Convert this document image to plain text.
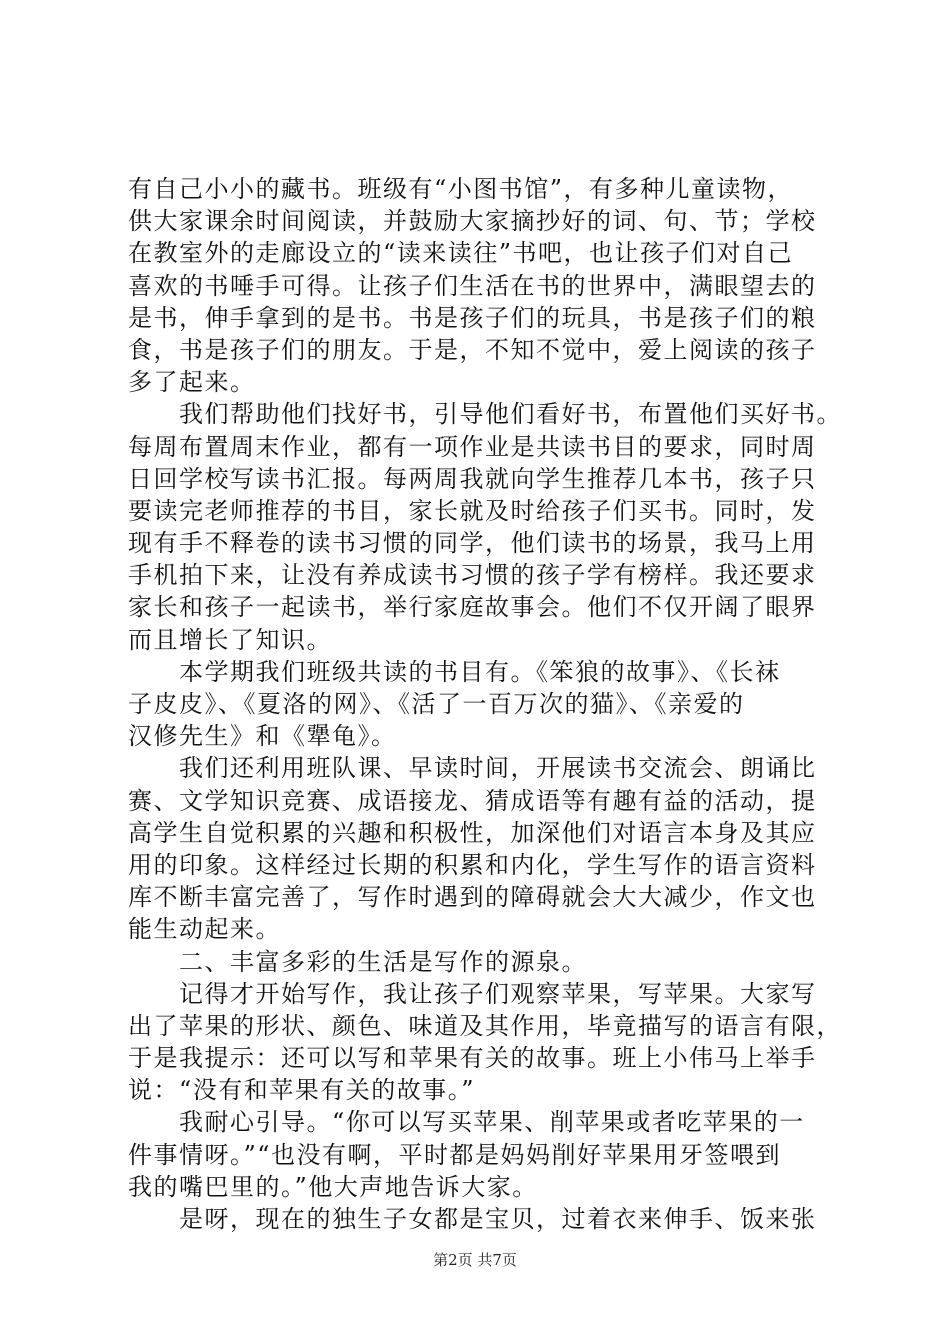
有自己小小的藏书。班级有“小图书馆”，有多种儿童读物，
供大家课余时间阅读，并鼓励大家摘抄好的词、句、节；学校
在教室外的走廊设立的“读来读往”书吧，也让孩子们对自己
喜欢的书唾手可得。让孩子们生活在书的世界中，满眼望去的
是书，伸手拿到的是书。书是孩子们的玩具，书是孩子们的粮
食，书是孩子们的朋友。于是，不知不觉中，爱上阅读的孩子
多了起来。
　　我们帮助他们找好书，引导他们看好书，布置他们买好书。
每周布置周末作业，都有一项作业是共读书目的要求，同时周
日回学校写读书汇报。每两周我就向学生推荐几本书，孩子只
要读完老师推荐的书目，家长就及时给孩子们买书。同时，发
现有手不释卷的读书习惯的同学，他们读书的场景，我马上用
手机拍下来，让没有养成读书习惯的孩子学有榜样。我还要求
家长和孩子一起读书，举行家庭故事会。他们不仅开阔了眼界
而且增长了知识。
　　本学期我们班级共读的书目有。《笨狼的故事》、《长袜
子皮皮》、《夏洛的网》、《活了一百万次的猫》、《亲爱的
汉修先生》和《犟龟》。
　　我们还利用班队课、早读时间，开展读书交流会、朗诵比
赛、文学知识竞赛、成语接龙、猜成语等有趣有益的活动，提
高学生自觉积累的兴趣和积极性，加深他们对语言本身及其应
用的印象。这样经过长期的积累和内化，学生写作的语言资料
库不断丰富完善了，写作时遇到的障碍就会大大减少，作文也
能生动起来。
　　二、丰富多彩的生活是写作的源泉。
　　记得才开始写作，我让孩子们观察苹果，写苹果。大家写
出了苹果的形状、颜色、味道及其作用，毕竟描写的语言有限，
于是我提示：还可以写和苹果有关的故事。班上小伟马上举手
说：“没有和苹果有关的故事。”
　　我耐心引导。“你可以写买苹果、削苹果或者吃苹果的一
件事情呀。”“也没有啊，平时都是妈妈削好苹果用牙签喂到
我的嘴巴里的。”他大声地告诉大家。
　　是呀，现在的独生子女都是宝贝，过着衣来伸手、饭来张
第2页 共7页
